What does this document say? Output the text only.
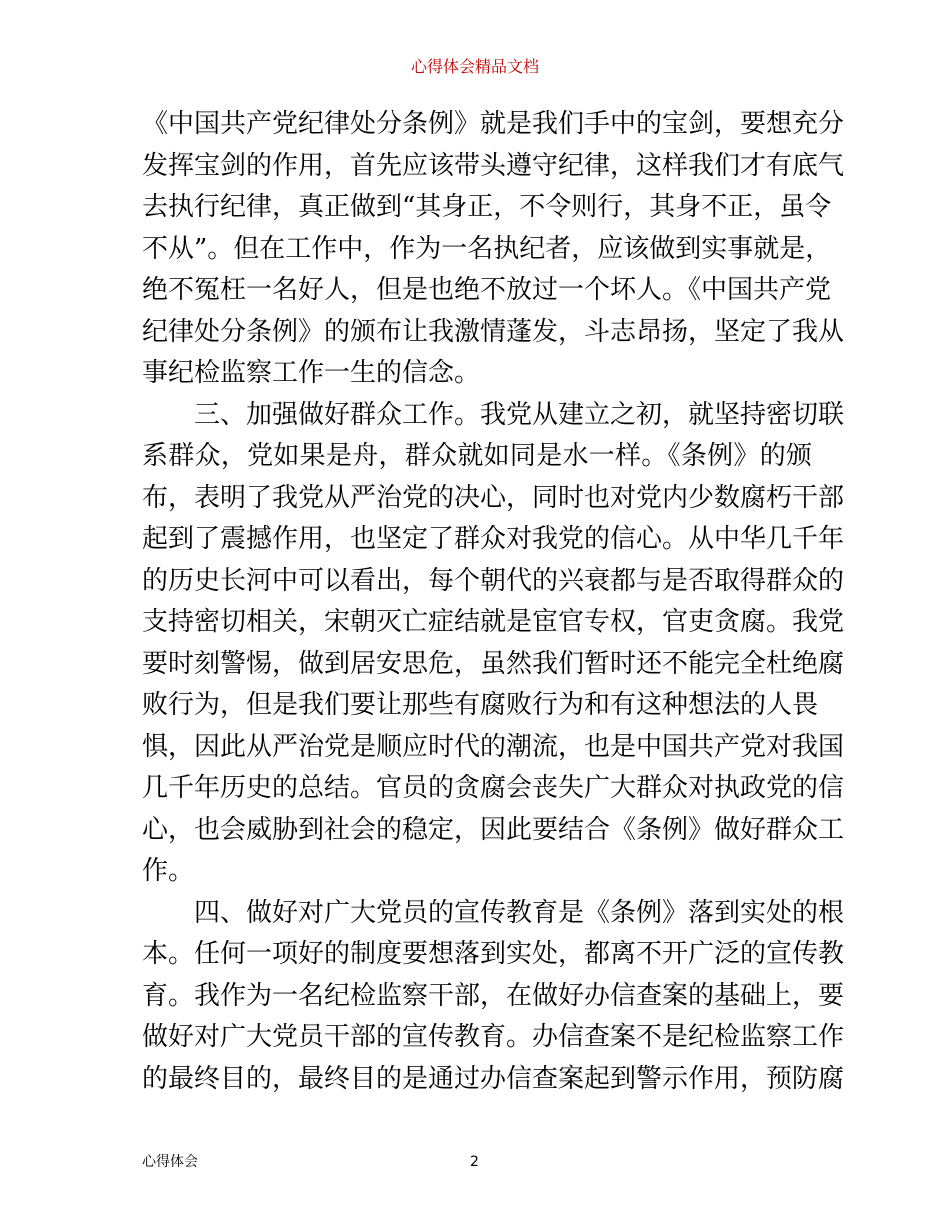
心得体会精品文档
《中国共产党纪律处分条例》就是我们手中的宝剑，要想充分
发挥宝剑的作用，首先应该带头遵守纪律，这样我们才有底气
去执行纪律，真正做到“其身正，不令则行，其身不正，虽令
不从”。但在工作中，作为一名执纪者，应该做到实事就是，
绝不冤枉一名好人，但是也绝不放过一个坏人。《中国共产党
纪律处分条例》的颁布让我激情蓬发，斗志昂扬，坚定了我从
事纪检监察工作一生的信念。
三、加强做好群众工作。我党从建立之初，就坚持密切联
系群众，党如果是舟，群众就如同是水一样。《条例》的颁
布，表明了我党从严治党的决心，同时也对党内少数腐朽干部
起到了震撼作用，也坚定了群众对我党的信心。从中华几千年
的历史长河中可以看出，每个朝代的兴衰都与是否取得群众的
支持密切相关，宋朝灭亡症结就是宦官专权，官吏贪腐。我党
要时刻警惕，做到居安思危，虽然我们暂时还不能完全杜绝腐
败行为，但是我们要让那些有腐败行为和有这种想法的人畏
惧，因此从严治党是顺应时代的潮流，也是中国共产党对我国
几千年历史的总结。官员的贪腐会丧失广大群众对执政党的信
心，也会威胁到社会的稳定，因此要结合《条例》做好群众工
作。
四、做好对广大党员的宣传教育是《条例》落到实处的根
本。任何一项好的制度要想落到实处，都离不开广泛的宣传教
育。我作为一名纪检监察干部，在做好办信查案的基础上，要
做好对广大党员干部的宣传教育。办信查案不是纪检监察工作
的最终目的，最终目的是通过办信查案起到警示作用，预防腐
心得体会	2
